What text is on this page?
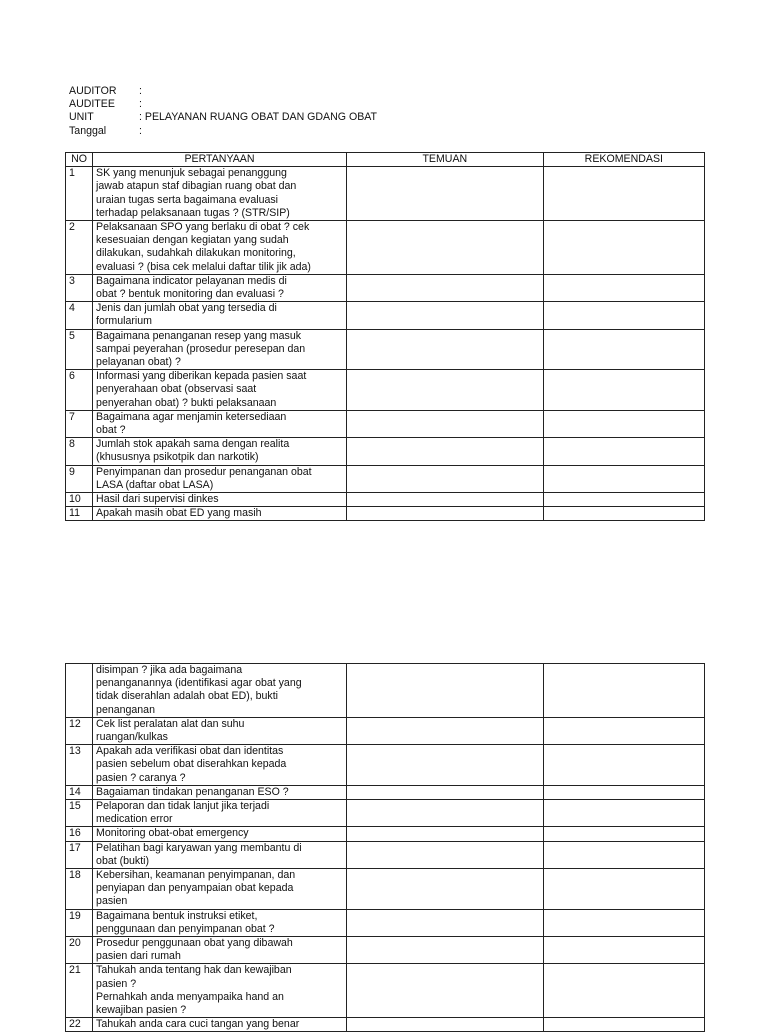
AUDITOR	:
AUDITEE	:
UNIT	: PELAYANAN RUANG OBAT DAN GDANG OBAT
Tanggal	:
NO	PERTANYAAN	TEMUAN	REKOMENDASI
1	SK yang menunjuk sebagai penanggung
jawab atapun staf dibagian ruang obat dan
uraian tugas serta bagaimana evaluasi
terhadap pelaksanaan tugas ? (STR/SIP)		
2	Pelaksanaan SPO yang berlaku di obat ? cek
kesesuaian dengan kegiatan yang sudah
dilakukan, sudahkah dilakukan monitoring,
evaluasi ? (bisa cek melalui daftar tilik jik ada)		
3	Bagaimana indicator pelayanan medis di
obat ? bentuk monitoring dan evaluasi ?		
4	Jenis dan jumlah obat yang tersedia di
formularium		
5	Bagaimana penanganan resep yang masuk
sampai peyerahan (prosedur peresepan dan
pelayanan obat) ?		
6	Informasi yang diberikan kepada pasien saat
penyerahaan obat (observasi saat
penyerahan obat) ? bukti pelaksanaan		
7	Bagaimana agar menjamin ketersediaan
obat ?		
8	Jumlah stok apakah sama dengan realita
(khususnya psikotpik dan narkotik)		
9	Penyimpanan dan prosedur penanganan obat
LASA (daftar obat LASA)		
10	Hasil dari supervisi dinkes		
11	Apakah masih obat ED yang masih		
	disimpan ? jika ada bagaimana
penanganannya (identifikasi agar obat yang
tidak diserahlan adalah obat ED), bukti
penanganan		
12	Cek list peralatan alat dan suhu
ruangan/kulkas		
13	Apakah ada verifikasi obat dan identitas
pasien sebelum obat diserahkan kepada
pasien ? caranya ?		
14	Bagaiaman tindakan penanganan ESO ?		
15	Pelaporan dan tidak lanjut jika terjadi
medication error		
16	Monitoring obat-obat emergency		
17	Pelatihan bagi karyawan yang membantu di
obat (bukti)		
18	Kebersihan, keamanan penyimpanan, dan
penyiapan dan penyampaian obat kepada
pasien		
19	Bagaimana bentuk instruksi etiket,
penggunaan dan penyimpanan obat ?		
20	Prosedur penggunaan obat yang dibawah
pasien dari rumah		
21	Tahukah anda tentang hak dan kewajiban
pasien ?
Pernahkah anda menyampaika hand an
kewajiban pasien ?		
22	Tahukah anda cara cuci tangan yang benar		
